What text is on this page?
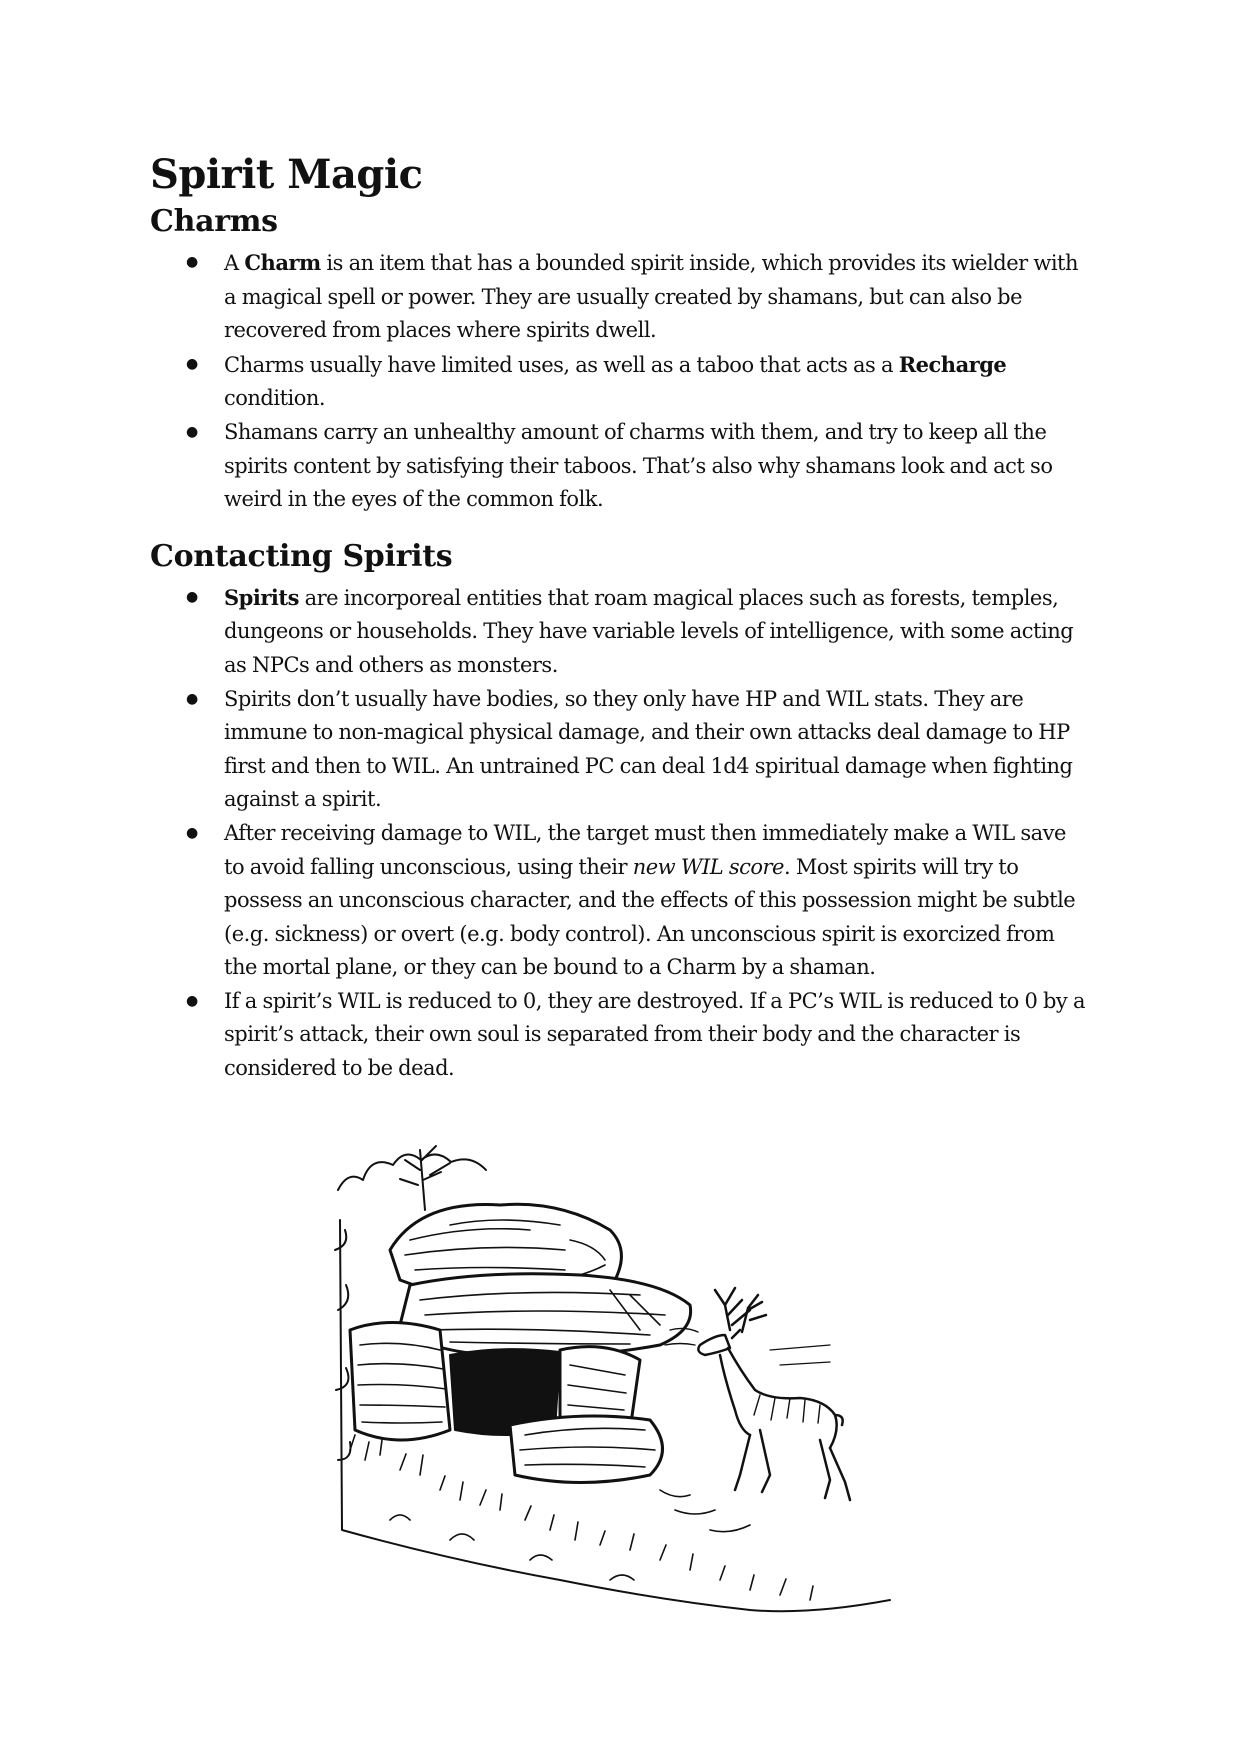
Spirit Magic
Charms
● A Charm is an item that has a bounded spirit inside, which provides its wielder with a magical spell or power. They are usually created by shamans, but can also be recovered from places where spirits dwell.
● Charms usually have limited uses, as well as a taboo that acts as a Recharge condition.
● Shamans carry an unhealthy amount of charms with them, and try to keep all the spirits content by satisfying their taboos. That’s also why shamans look and act so weird in the eyes of the common folk.
Contacting Spirits
● Spirits are incorporeal entities that roam magical places such as forests, temples, dungeons or households. They have variable levels of intelligence, with some acting as NPCs and others as monsters.
● Spirits don’t usually have bodies, so they only have HP and WIL stats. They are immune to non-magical physical damage, and their own attacks deal damage to HP first and then to WIL. An untrained PC can deal 1d4 spiritual damage when fighting against a spirit.
● After receiving damage to WIL, the target must then immediately make a WIL save to avoid falling unconscious, using their new WIL score. Most spirits will try to possess an unconscious character, and the effects of this possession might be subtle (e.g. sickness) or overt (e.g. body control). An unconscious spirit is exorcized from the mortal plane, or they can be bound to a Charm by a shaman.
● If a spirit’s WIL is reduced to 0, they are destroyed. If a PC’s WIL is reduced to 0 by a spirit’s attack, their own soul is separated from their body and the character is considered to be dead.
